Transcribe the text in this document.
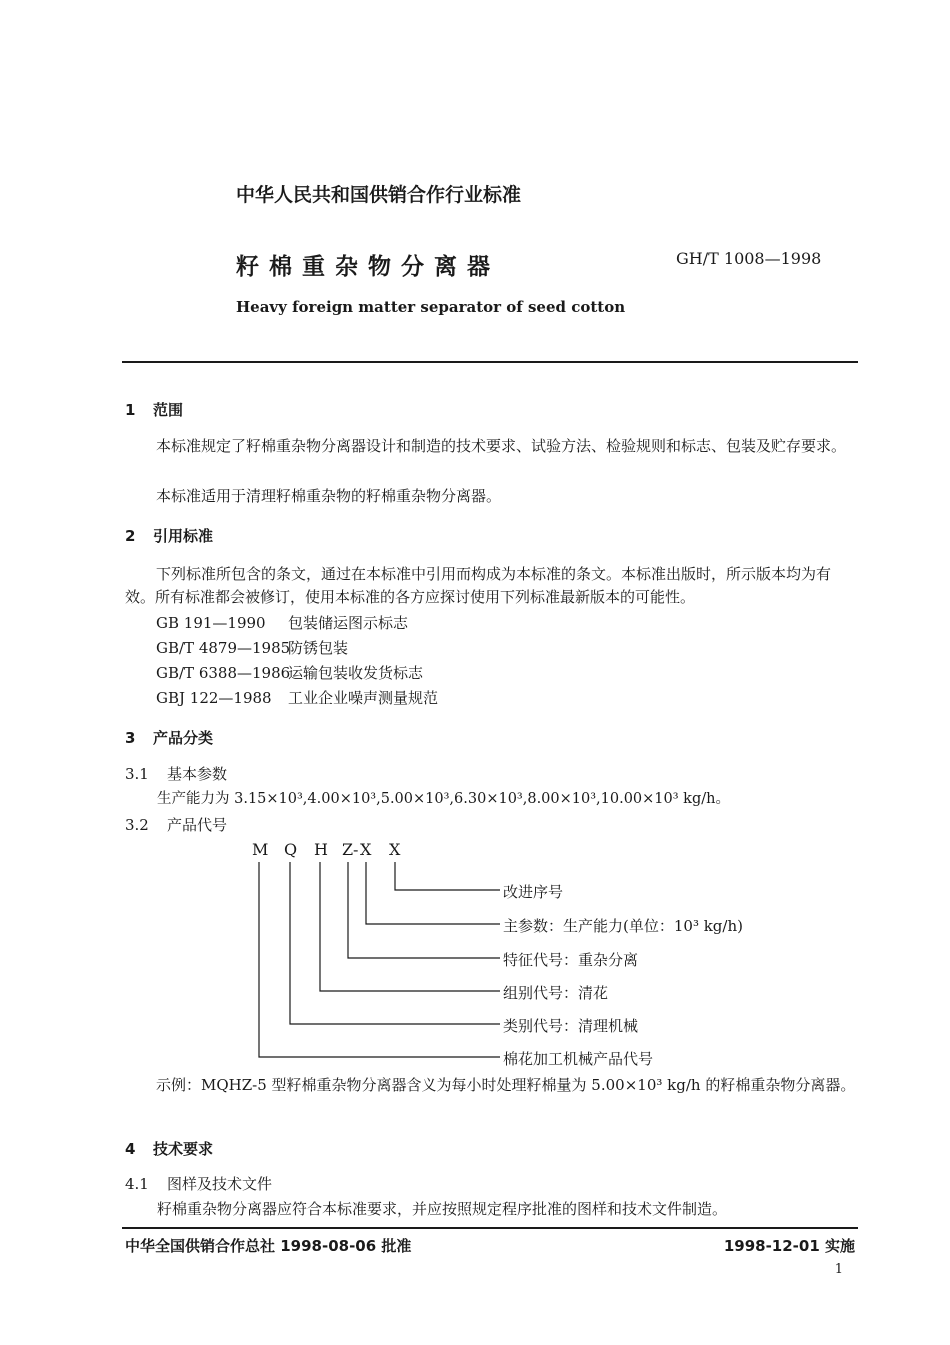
中华人民共和国供销合作行业标准
籽 棉 重 杂 物 分 离 器	GH/T 1008—1998
Heavy foreign matter separator of seed cotton
1 范围
本标准规定了籽棉重杂物分离器设计和制造的技术要求、试验方法、检验规则和标志、包装及贮存要求。
本标准适用于清理籽棉重杂物的籽棉重杂物分离器。
2 引用标准
下列标准所包含的条文，通过在本标准中引用而构成为本标准的条文。本标准出版时，所示版本均为有效。所有标准都会被修订，使用本标准的各方应探讨使用下列标准最新版本的可能性。
GB 191—1990 包装储运图示标志
GB/T 4879—1985防锈包装
GB/T 6388—1986运输包装收发货标志
GBJ 122—1988 工业企业噪声测量规范
3 产品分类
3.1 基本参数
生产能力为 3.15×10³,4.00×10³,5.00×10³,6.30×10³,8.00×10³,10.00×10³ kg/h。
3.2 产品代号
M Q H Z - X X
改进序号
主参数：生产能力(单位：10³ kg/h)
特征代号：重杂分离
组别代号：清花
类别代号：清理机械
棉花加工机械产品代号
示例：MQHZ-5 型籽棉重杂物分离器含义为每小时处理籽棉量为 5.00×10³ kg/h 的籽棉重杂物分离器。
4 技术要求
4.1 图样及技术文件
籽棉重杂物分离器应符合本标准要求，并应按照规定程序批准的图样和技术文件制造。
中华全国供销合作总社 1998-08-06 批准	1998-12-01 实施
1
